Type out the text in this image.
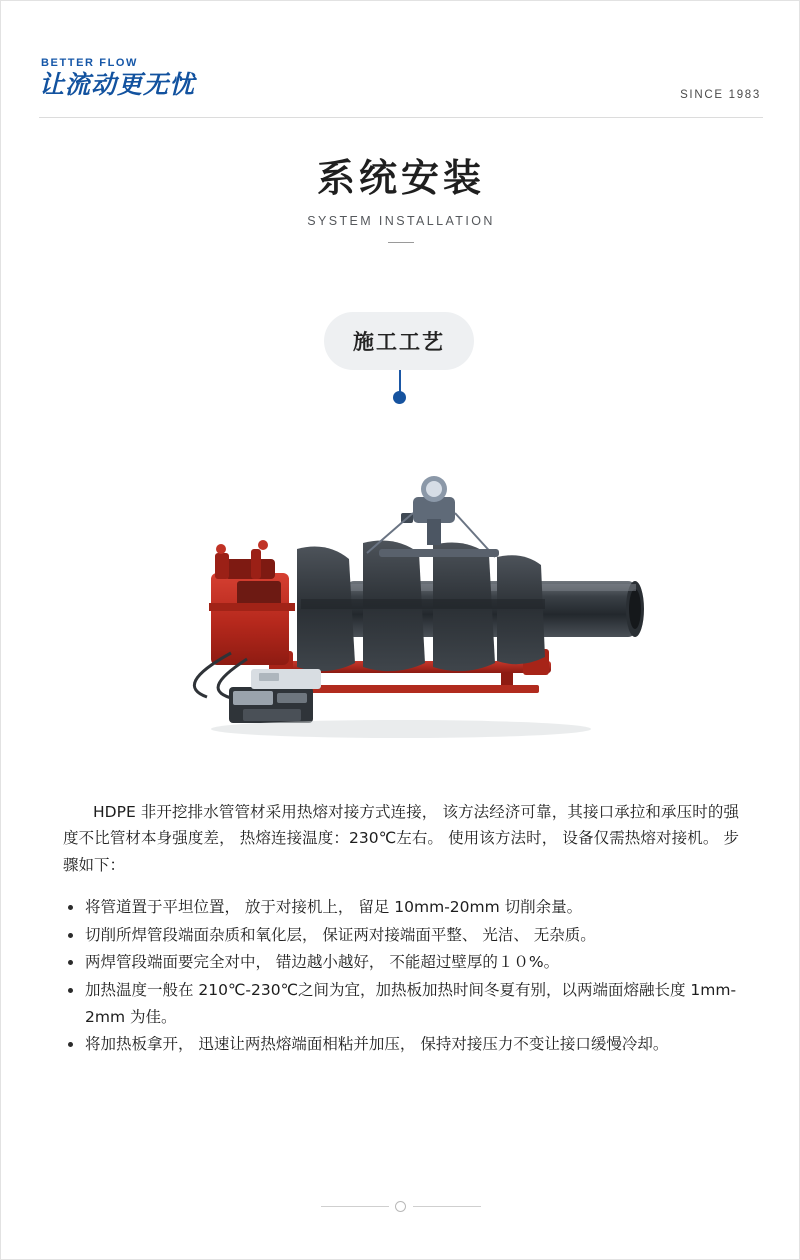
BETTER FLOW
让流动更无忧	SINCE 1983
系统安装
SYSTEM INSTALLATION
施工工艺

HDPE 非开挖排水管管材采用热熔对接方式连接， 该方法经济可靠，其接口承拉和承压时的强度不比管材本身强度差， 热熔连接温度：230℃左右。 使用该方法时， 设备仅需热熔对接机。 步骤如下：

将管道置于平坦位置， 放于对接机上， 留足 10mm-20mm 切削余量。
切削所焊管段端面杂质和氧化层， 保证两对接端面平整、 光洁、 无杂质。
两焊管段端面要完全对中， 错边越小越好， 不能超过壁厚的１０%。
加热温度一般在 210℃-230℃之间为宜，加热板加热时间冬夏有别，以两端面熔融长度 1mm-2mm 为佳。
将加热板拿开， 迅速让两热熔端面相粘并加压， 保持对接压力不变让接口缓慢冷却。
